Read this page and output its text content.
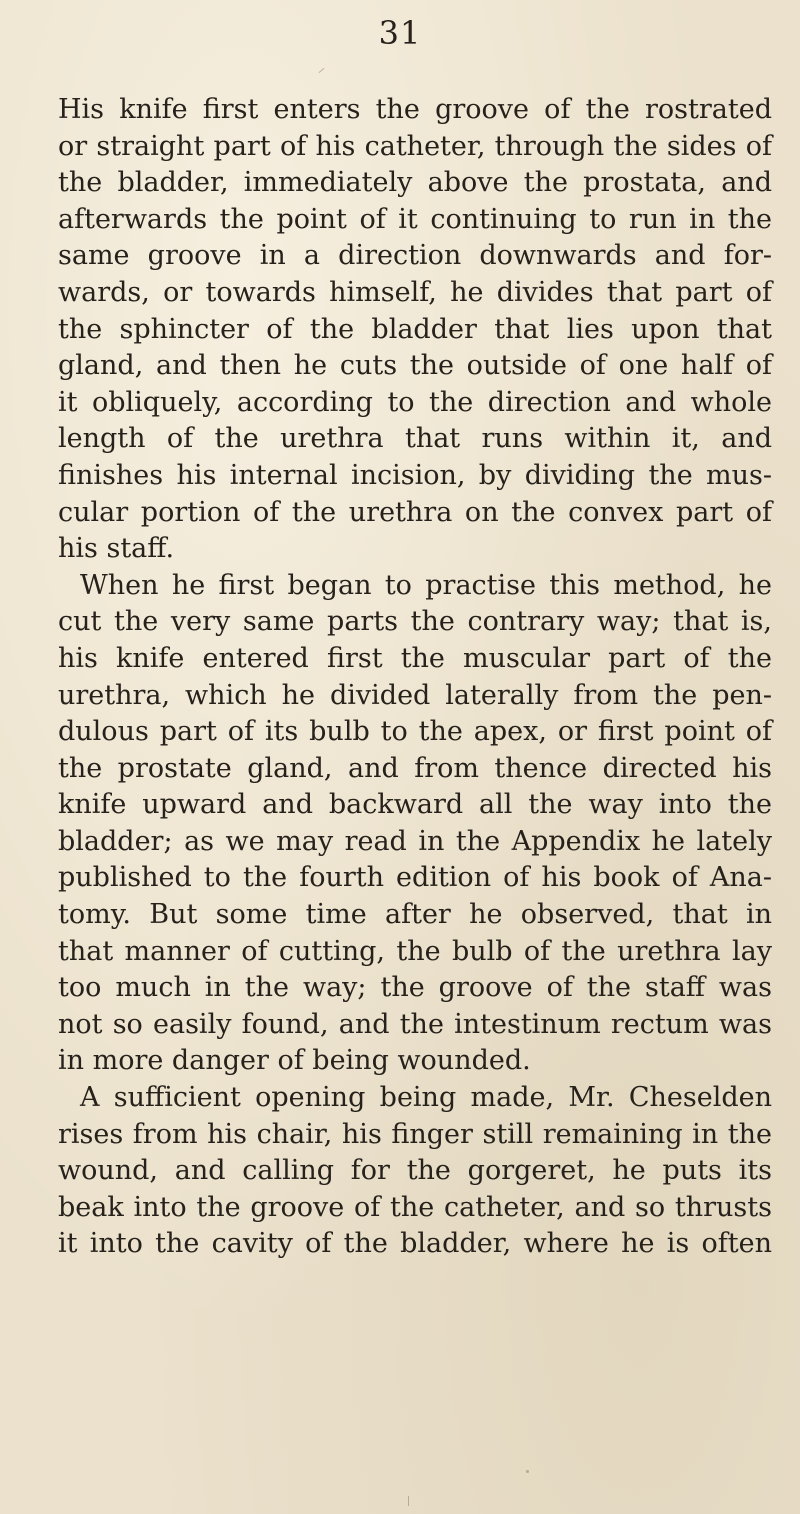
31
His knife first enters the groove of the rostrated
or straight part of his catheter, through the sides of
the bladder, immediately above the prostata, and
afterwards the point of it continuing to run in the
same groove in a direction downwards and for-
wards, or towards himself, he divides that part of
the sphincter of the bladder that lies upon that
gland, and then he cuts the outside of one half of
it obliquely, according to the direction and whole
length of the urethra that runs within it, and
finishes his internal incision, by dividing the mus-
cular portion of the urethra on the convex part of
his staff.
When he first began to practise this method, he
cut the very same parts the contrary way; that is,
his knife entered first the muscular part of the
urethra, which he divided laterally from the pen-
dulous part of its bulb to the apex, or first point of
the prostate gland, and from thence directed his
knife upward and backward all the way into the
bladder; as we may read in the Appendix he lately
published to the fourth edition of his book of Ana-
tomy. But some time after he observed, that in
that manner of cutting, the bulb of the urethra lay
too much in the way; the groove of the staff was
not so easily found, and the intestinum rectum was
in more danger of being wounded.
A sufficient opening being made, Mr. Cheselden
rises from his chair, his finger still remaining in the
wound, and calling for the gorgeret, he puts its
beak into the groove of the catheter, and so thrusts
it into the cavity of the bladder, where he is often
